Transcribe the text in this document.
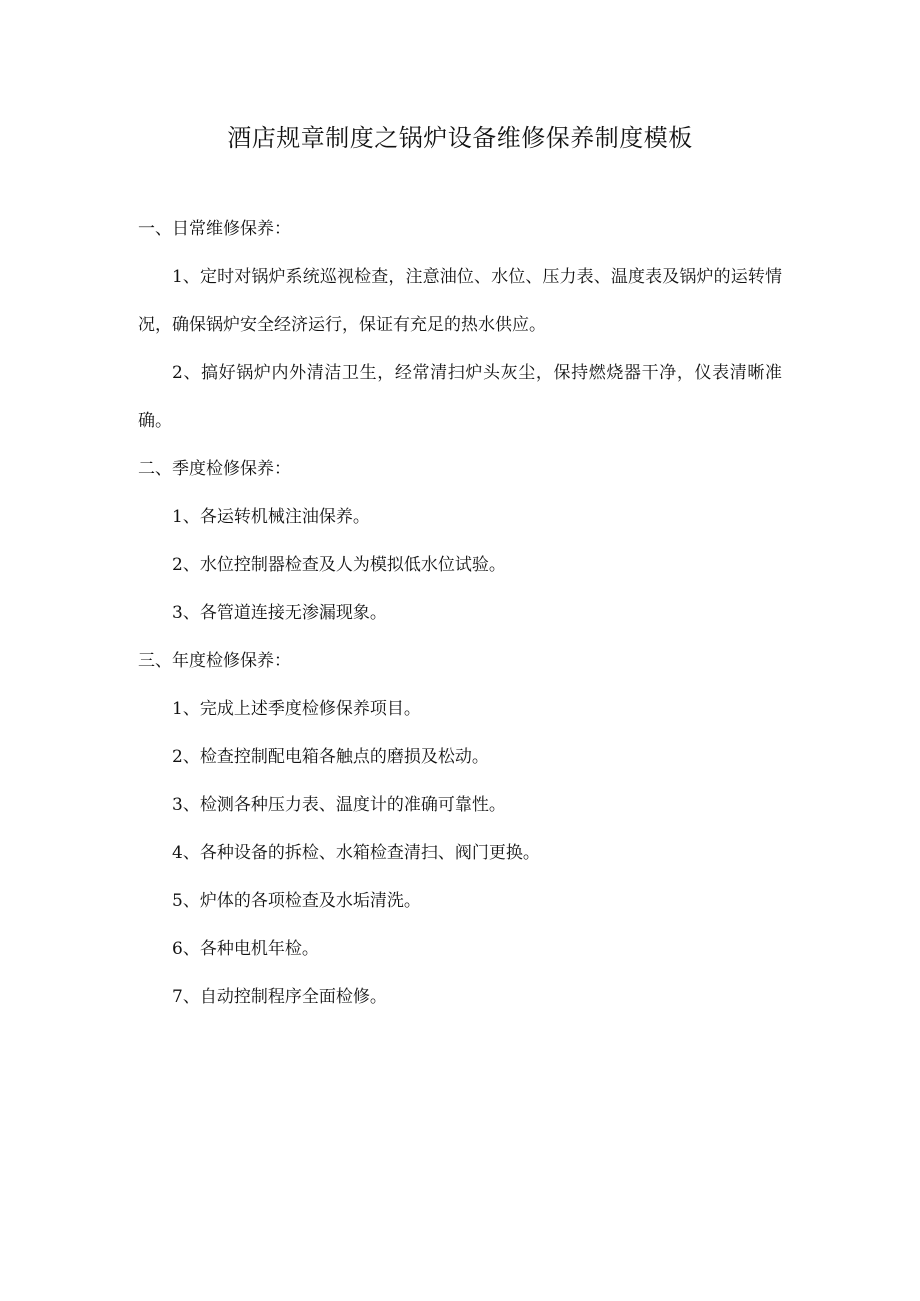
酒店规章制度之锅炉设备维修保养制度模板

一、日常维修保养：

1、定时对锅炉系统巡视检查，注意油位、水位、压力表、温度表及锅炉的运转情况，确保锅炉安全经济运行，保证有充足的热水供应。

2、搞好锅炉内外清洁卫生，经常清扫炉头灰尘，保持燃烧器干净，仪表清晰准确。

二、季度检修保养：

1、各运转机械注油保养。

2、水位控制器检查及人为模拟低水位试验。

3、各管道连接无渗漏现象。

三、年度检修保养：

1、完成上述季度检修保养项目。

2、检查控制配电箱各触点的磨损及松动。

3、检测各种压力表、温度计的准确可靠性。

4、各种设备的拆检、水箱检查清扫、阀门更换。

5、炉体的各项检查及水垢清洗。

6、各种电机年检。

7、自动控制程序全面检修。
